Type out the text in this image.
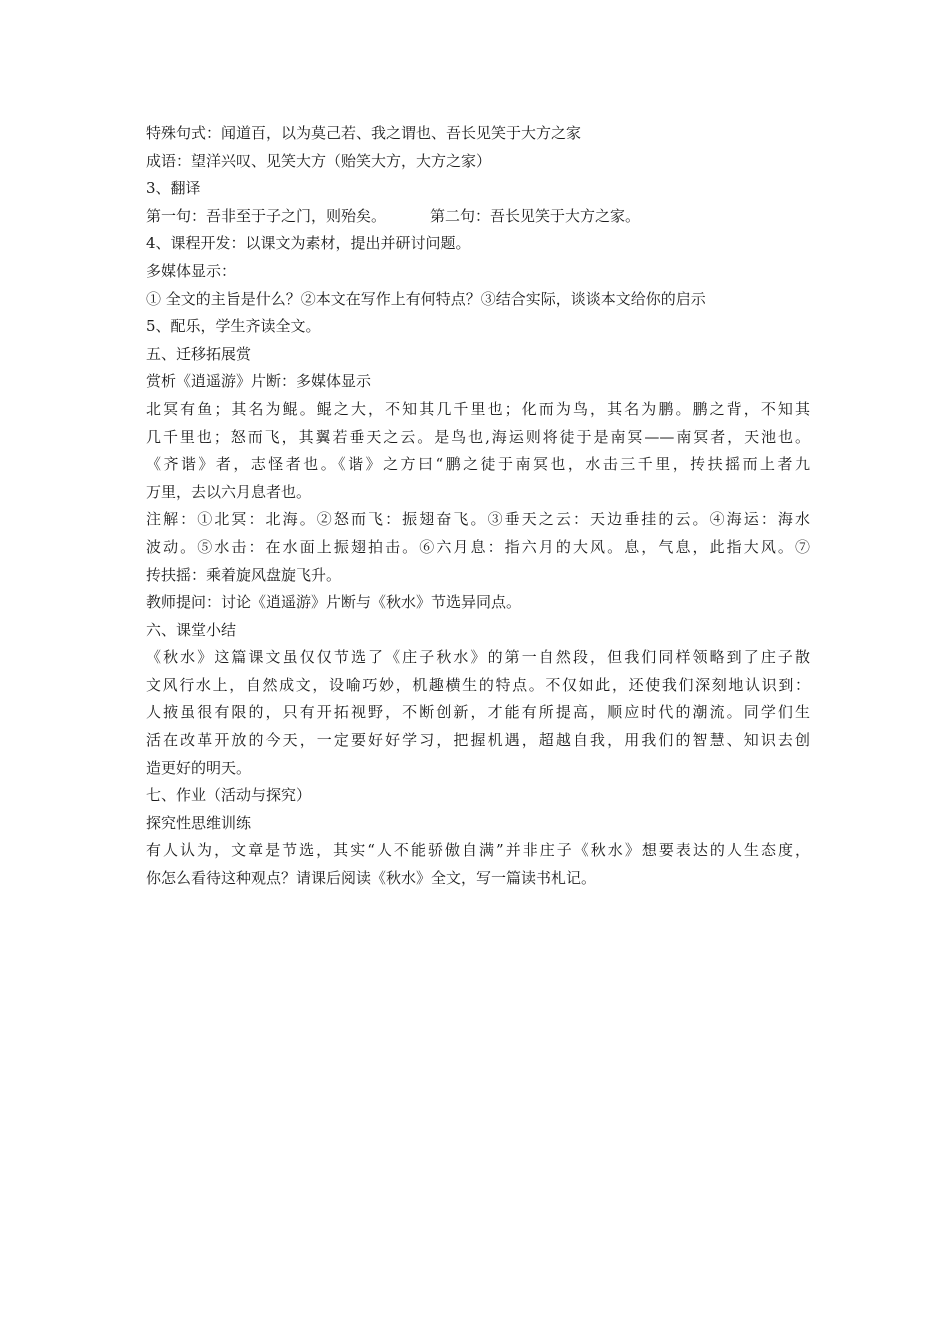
特殊句式：闻道百，以为莫己若、我之谓也、吾长见笑于大方之家
成语：望洋兴叹、见笑大方（贻笑大方，大方之家）
3、翻译
第一句：吾非至于子之门，则殆矣。	第二句：吾长见笑于大方之家。
4、课程开发：以课文为素材，提出并研讨问题。
多媒体显示：
① 全文的主旨是什么？②本文在写作上有何特点？③结合实际，谈谈本文给你的启示
5、配乐，学生齐读全文。
五、迁移拓展赏
赏析《逍遥游》片断：多媒体显示
北冥有鱼；其名为鲲。鲲之大，不知其几千里也；化而为鸟，其名为鹏。鹏之背，不知其
几千里也；怒而飞，其翼若垂天之云。是鸟也,海运则将徒于是南冥——南冥者，天池也。
《齐谐》者，志怪者也。《谐》之方曰“鹏之徒于南冥也，水击三千里，抟扶摇而上者九
万里，去以六月息者也。
注解：①北冥：北海。②怒而飞：振翅奋飞。③垂天之云：天边垂挂的云。④海运：海水
波动。⑤水击：在水面上振翅拍击。⑥六月息：指六月的大风。息，气息，此指大风。⑦
抟扶摇：乘着旋风盘旋飞升。
教师提问：讨论《逍遥游》片断与《秋水》节选异同点。
六、课堂小结
《秋水》这篇课文虽仅仅节选了《庄子秋水》的第一自然段，但我们同样领略到了庄子散
文风行水上，自然成文，设喻巧妙，机趣横生的特点。不仅如此，还使我们深刻地认识到：
人掖虽很有限的，只有开拓视野，不断创新，才能有所提高，顺应时代的潮流。同学们生
活在改革开放的今天，一定要好好学习，把握机遇，超越自我，用我们的智慧、知识去创
造更好的明天。
七、作业（活动与探究）
探究性思维训练
有人认为，文章是节选，其实“人不能骄傲自满”并非庄子《秋水》想要表达的人生态度，
你怎么看待这种观点？请课后阅读《秋水》全文，写一篇读书札记。
